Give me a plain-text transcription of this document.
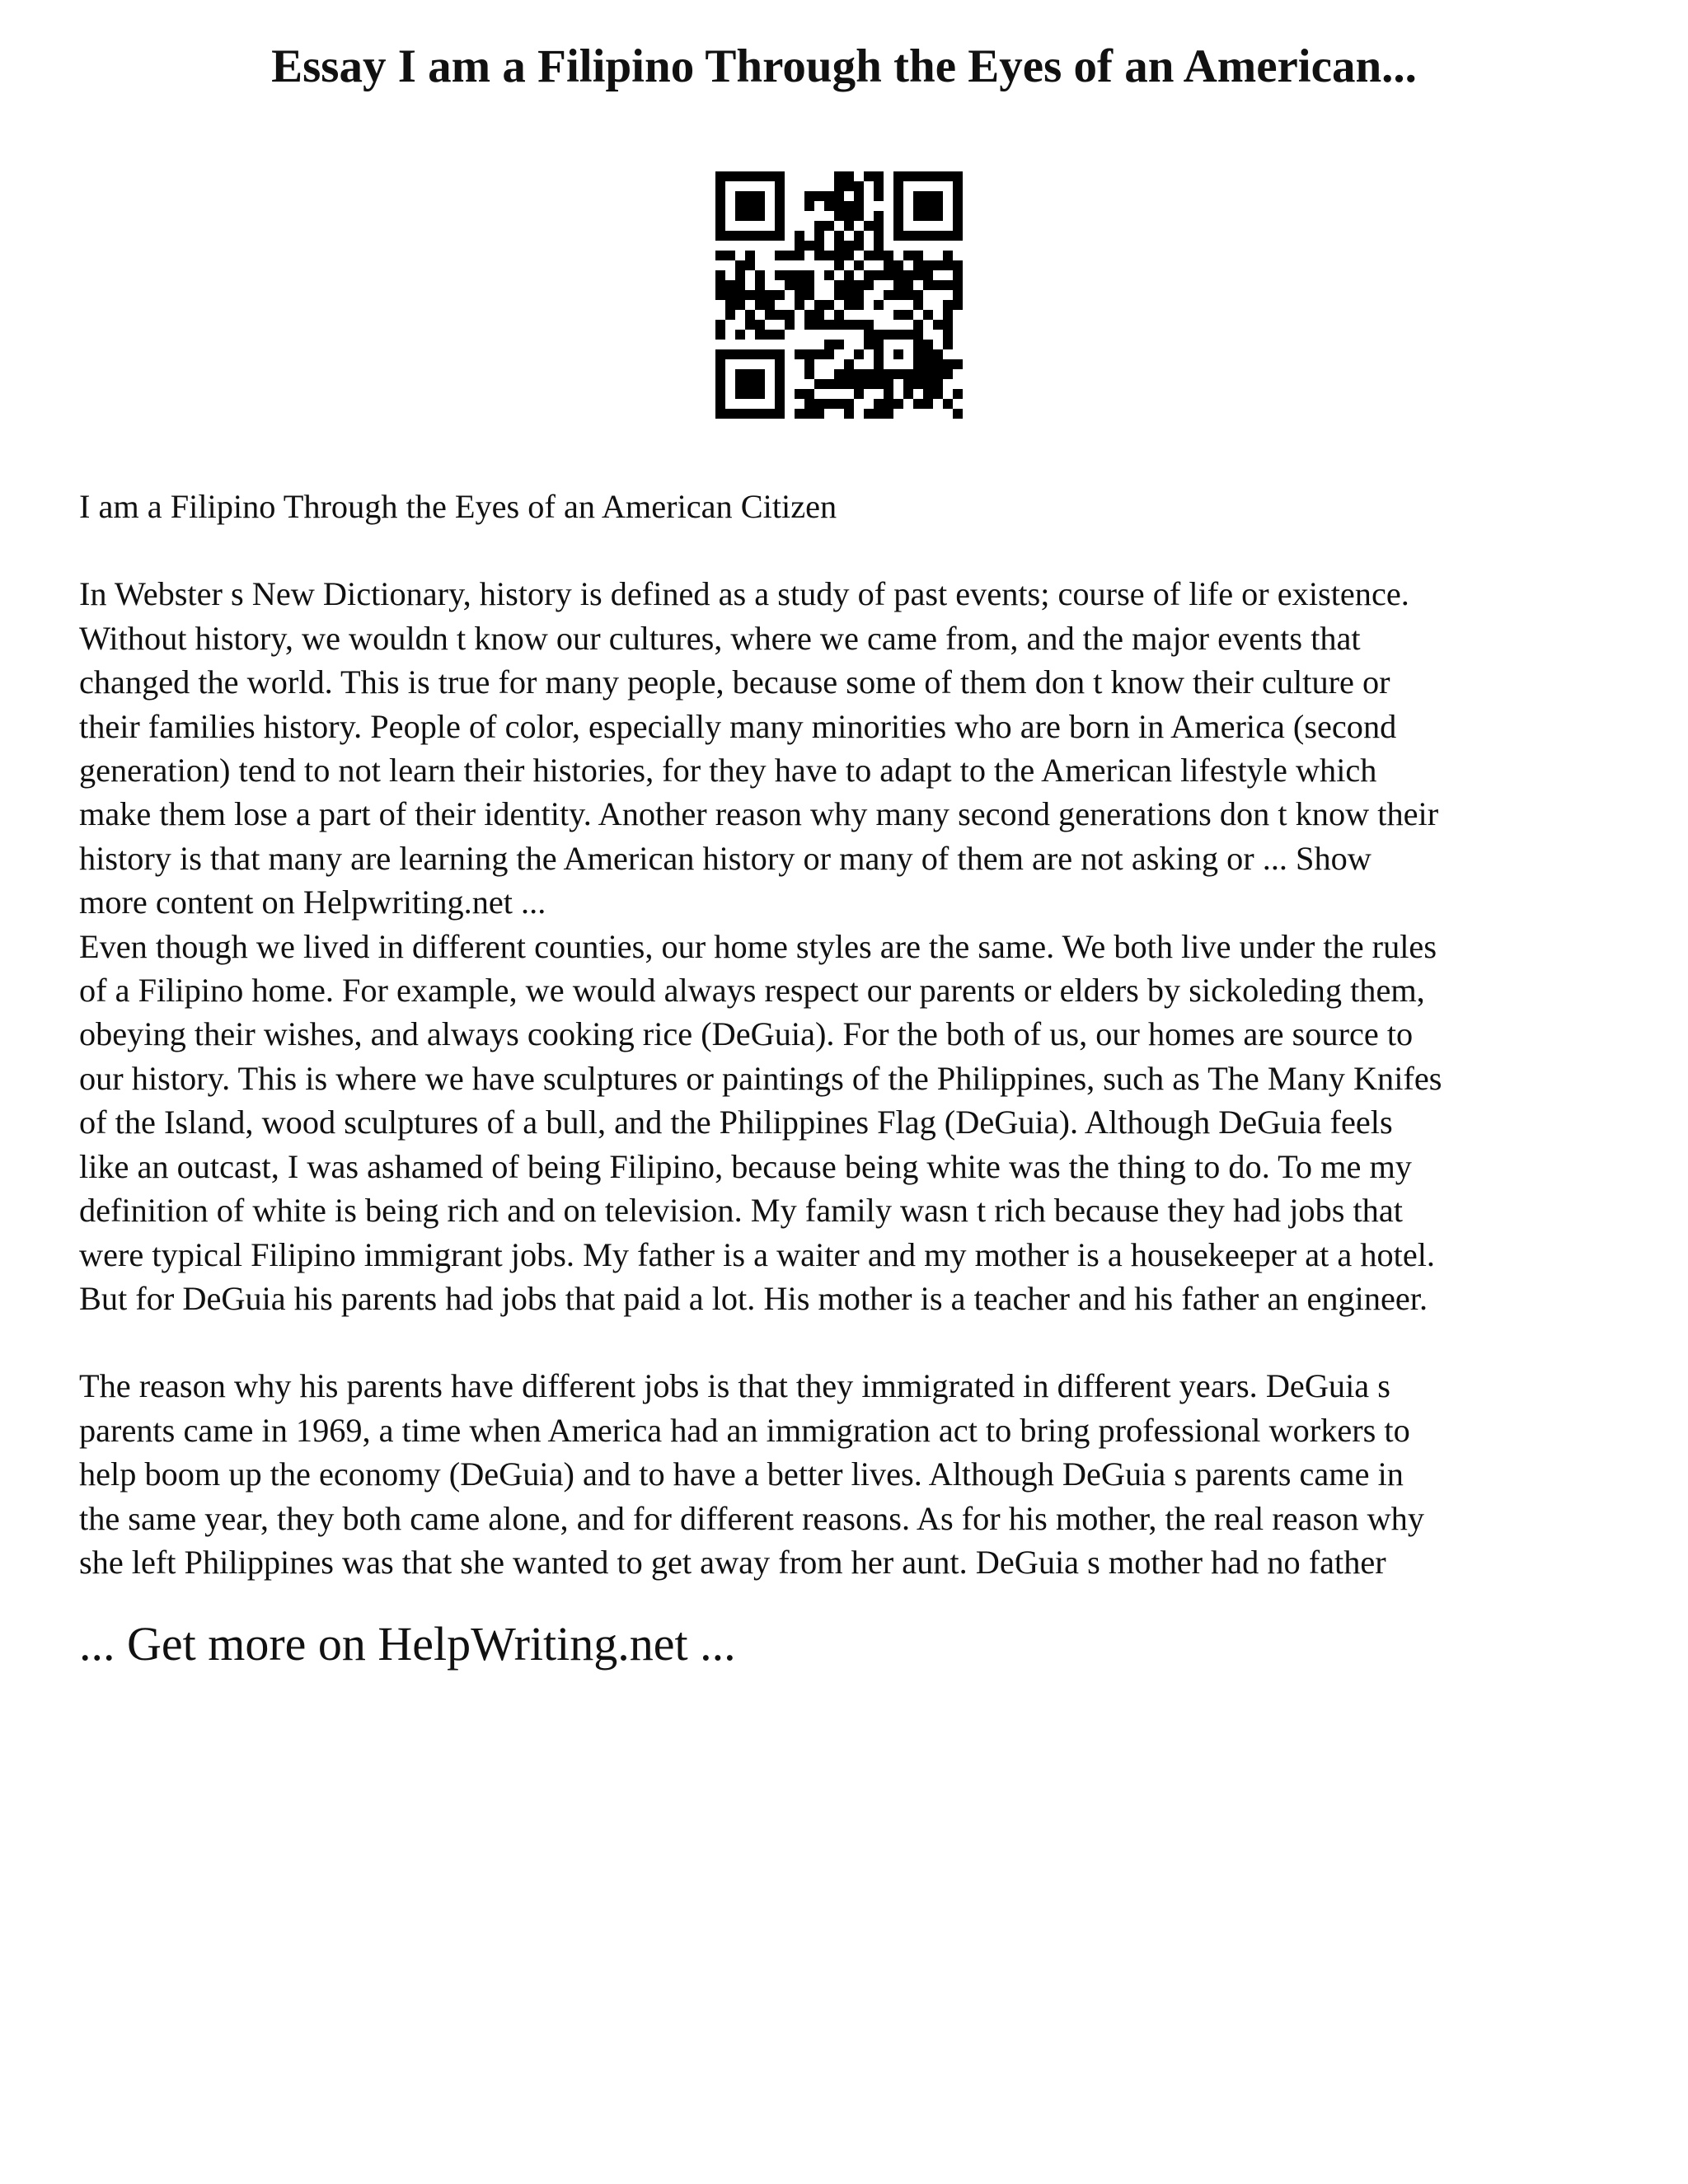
Essay I am a Filipino Through the Eyes of an American...

I am a Filipino Through the Eyes of an American Citizen

In Webster s New Dictionary, history is defined as a study of past events; course of life or existence.

Without history, we wouldn t know our cultures, where we came from, and the major events that

changed the world. This is true for many people, because some of them don t know their culture or

their families history. People of color, especially many minorities who are born in America (second

generation) tend to not learn their histories, for they have to adapt to the American lifestyle which

make them lose a part of their identity. Another reason why many second generations don t know their

history is that many are learning the American history or many of them are not asking or ... Show

more content on Helpwriting.net ...

Even though we lived in different counties, our home styles are the same. We both live under the rules

of a Filipino home. For example, we would always respect our parents or elders by sickoleding them,

obeying their wishes, and always cooking rice (DeGuia). For the both of us, our homes are source to

our history. This is where we have sculptures or paintings of the Philippines, such as The Many Knifes

of the Island, wood sculptures of a bull, and the Philippines Flag (DeGuia). Although DeGuia feels

like an outcast, I was ashamed of being Filipino, because being white was the thing to do. To me my

definition of white is being rich and on television. My family wasn t rich because they had jobs that

were typical Filipino immigrant jobs. My father is a waiter and my mother is a housekeeper at a hotel.

But for DeGuia his parents had jobs that paid a lot. His mother is a teacher and his father an engineer.

The reason why his parents have different jobs is that they immigrated in different years. DeGuia s

parents came in 1969, a time when America had an immigration act to bring professional workers to

help boom up the economy (DeGuia) and to have a better lives. Although DeGuia s parents came in

the same year, they both came alone, and for different reasons. As for his mother, the real reason why

she left Philippines was that she wanted to get away from her aunt. DeGuia s mother had no father

... Get more on HelpWriting.net ...
